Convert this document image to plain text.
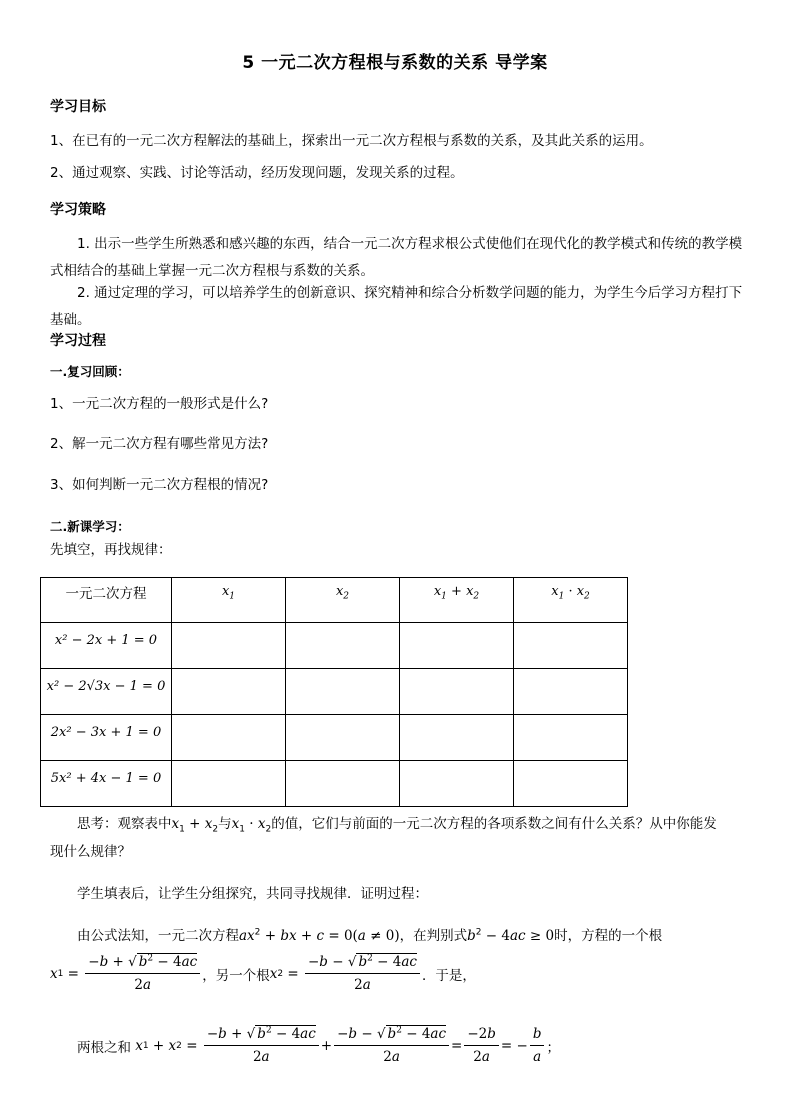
5 一元二次方程根与系数的关系 导学案
学习目标
1、在已有的一元二次方程解法的基础上，探索出一元二次方程根与系数的关系，及其此关系的运用。
2、通过观察、实践、讨论等活动，经历发现问题，发现关系的过程。
学习策略
1. 出示一些学生所熟悉和感兴趣的东西，结合一元二次方程求根公式使他们在现代化的教学模式和传统的教学模式相结合的基础上掌握一元二次方程根与系数的关系。
2. 通过定理的学习，可以培养学生的创新意识、探究精神和综合分析数学问题的能力，为学生今后学习方程打下基础。
学习过程
一.复习回顾：
1、一元二次方程的一般形式是什么?
2、解一元二次方程有哪些常见方法?
3、如何判断一元二次方程根的情况?
二.新课学习：
先填空，再找规律：
一元二次方程	$x_1$	$x_2$	$x_1 + x_2$	$x_1 \cdot x_2$

x² − 2x + 1 = 0				

x² − 2√3x − 1 = 0				

2x² − 3x + 1 = 0				

5x² + 4x − 1 = 0				

思考：观察表中$x_1 + x_2$与$x_1 \cdot x_2$的值，它们与前面的一元二次方程的各项系数之间有什么关系？从中你能发
现什么规律？
学生填表后，让学生分组探究，共同寻找规律．证明过程：
由公式法知，一元二次方程$ax^2$ + bx + c = 0(a ≠ 0)，在判别式$b^2 - 4ac \ge 0$时，方程的一个根
x $1 = \frac{-b + √ b^2 - 4ac}{2a}$ ，另一个根 x $2 = \frac{-b - √ b^2 - 4ac}{2a}$ ．于是，
两根之和 x 1 + x $2 = \frac{-b + √ b^2 - 4ac}{2a} + \frac{-b - √ b^2 - 4ac}{2a} = \frac{-2b}{2a}$ = − $\frac{b}{a}$ ；
